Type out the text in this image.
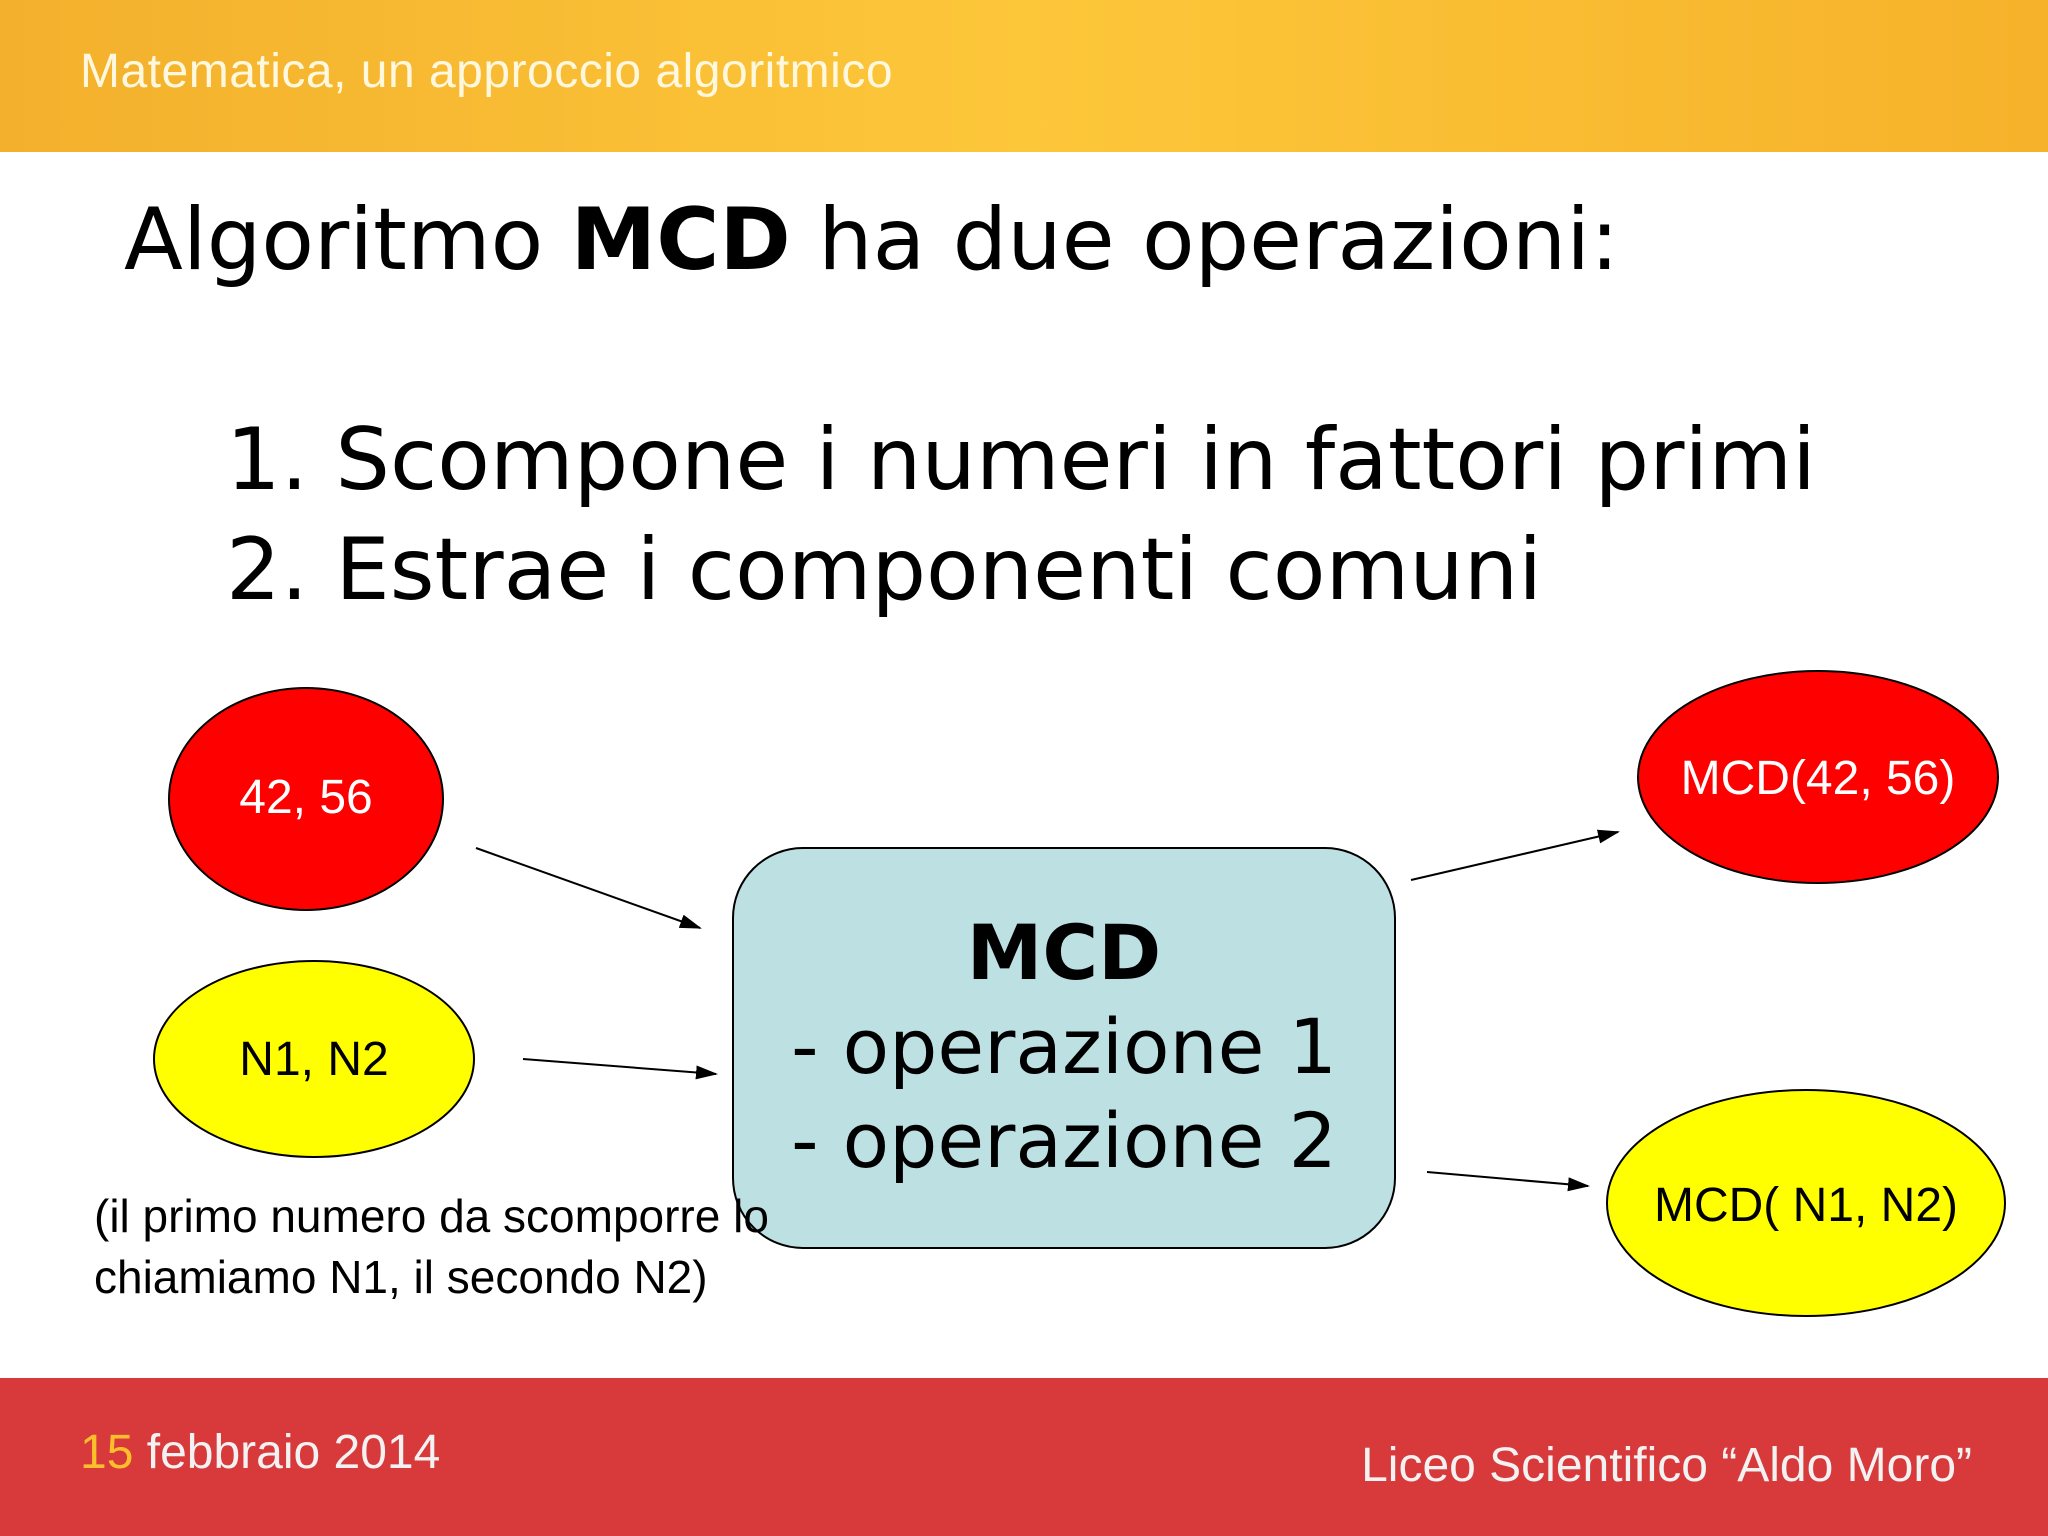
Matematica, un approccio algoritmico
Algoritmo MCD ha due operazioni:
1. Scompone i numeri in fattori primi
2. Estrae i componenti comuni
42, 56
N1, N2
MCD(42, 56)
MCD( N1, N2)
MCD
- operazione 1
- operazione 2
(il primo numero da scomporre lo chiamiamo N1, il secondo N2)
15 febbraio 2014	Liceo Scientifico “Aldo Moro”
